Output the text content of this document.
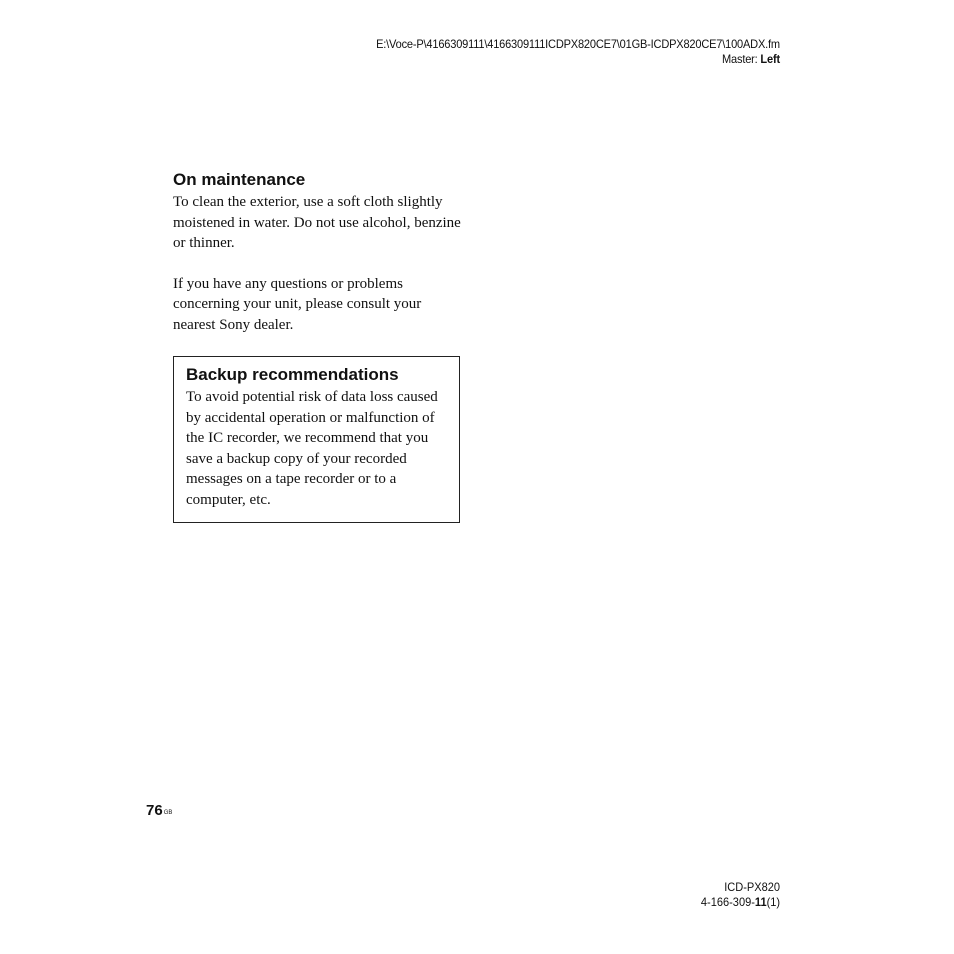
E:\Voce-P\4166309111\4166309111ICDPX820CE7\01GB-ICDPX820CE7\100ADX.fm
Master: Left
On maintenance

To clean the exterior, use a soft cloth slightly moistened in water. Do not use alcohol, benzine or thinner.

If you have any questions or problems concerning your unit, please consult your nearest Sony dealer.

Backup recommendations

To avoid potential risk of data loss caused by accidental operation or malfunction of the IC recorder, we recommend that you save a backup copy of your recorded messages on a tape recorder or to a computer, etc.

$76^{GB}$
ICD-PX820
4-166-309-11(1)
